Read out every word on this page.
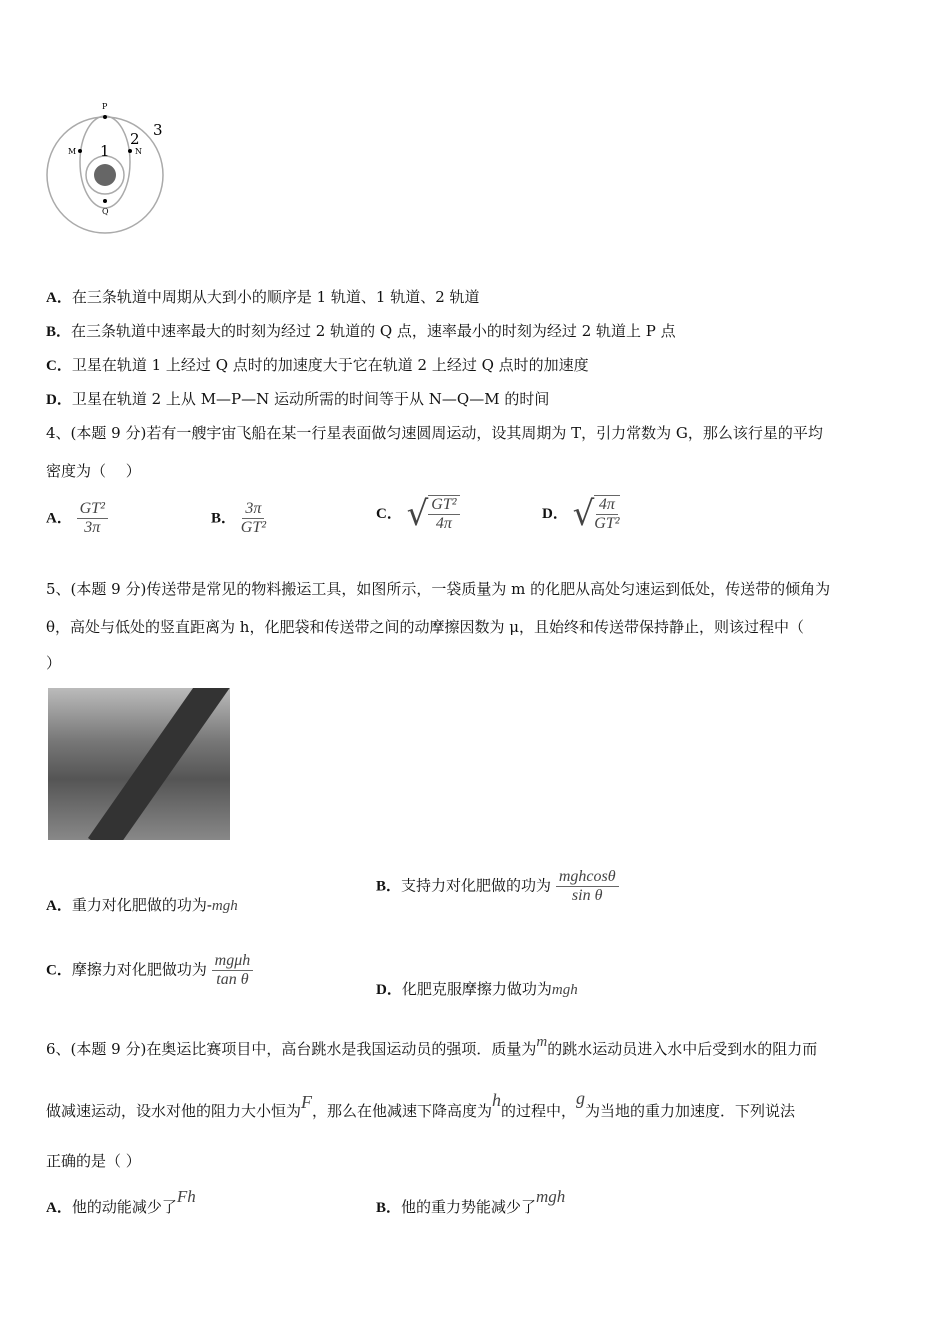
P
M	N
Q
1
2 3
A．在三条轨道中周期从大到小的顺序是 1 轨道、1 轨道、2 轨道
B．在三条轨道中速率最大的时刻为经过 2 轨道的 Q 点，速率最小的时刻为经过 2 轨道上 P 点
C．卫星在轨道 1 上经过 Q 点时的加速度大于它在轨道 2 上经过 Q 点时的加速度
D．卫星在轨道 2 上从 M—P—N 运动所需的时间等于从 N—Q—M 的时间
4、(本题 9 分)若有一艘宇宙飞船在某一行星表面做匀速圆周运动，设其周期为 T，引力常数为 G，那么该行星的平均
密度为（　 ）
A． $\frac{\text{GT²}}{3\pi}$	B． $\frac{3\pi}{\text{GT²}}$	C． √ $\frac{\text{GT²}}{4\pi}$	D． √ $\frac{4\pi}{\text{GT²}}$
5、(本题 9 分)传送带是常见的物料搬运工具，如图所示，一袋质量为 m 的化肥从高处匀速运到低处，传送带的倾角为
θ，高处与低处的竖直距离为 h，化肥袋和传送带之间的动摩擦因数为 μ，且始终和传送带保持静止，则该过程中（
）
A．重力对化肥做的功为-mgh
B．支持力对化肥做的功为 $\frac{\text{mghcosθ}}{\text{sin θ}}$
C．摩擦力对化肥做功为 $\frac{\text{mgμh}}{\text{tan θ}}$
D．化肥克服摩擦力做功为mgh
6、(本题 9 分)在奥运比赛项目中，高台跳水是我国运动员的强项．质量为m的跳水运动员进入水中后受到水的阻力而
做减速运动，设水对他的阻力大小恒为F，那么在他减速下降高度为h的过程中，g为当地的重力加速度．下列说法
正确的是（ ）
A．他的动能减少了Fh
B．他的重力势能减少了mgh
